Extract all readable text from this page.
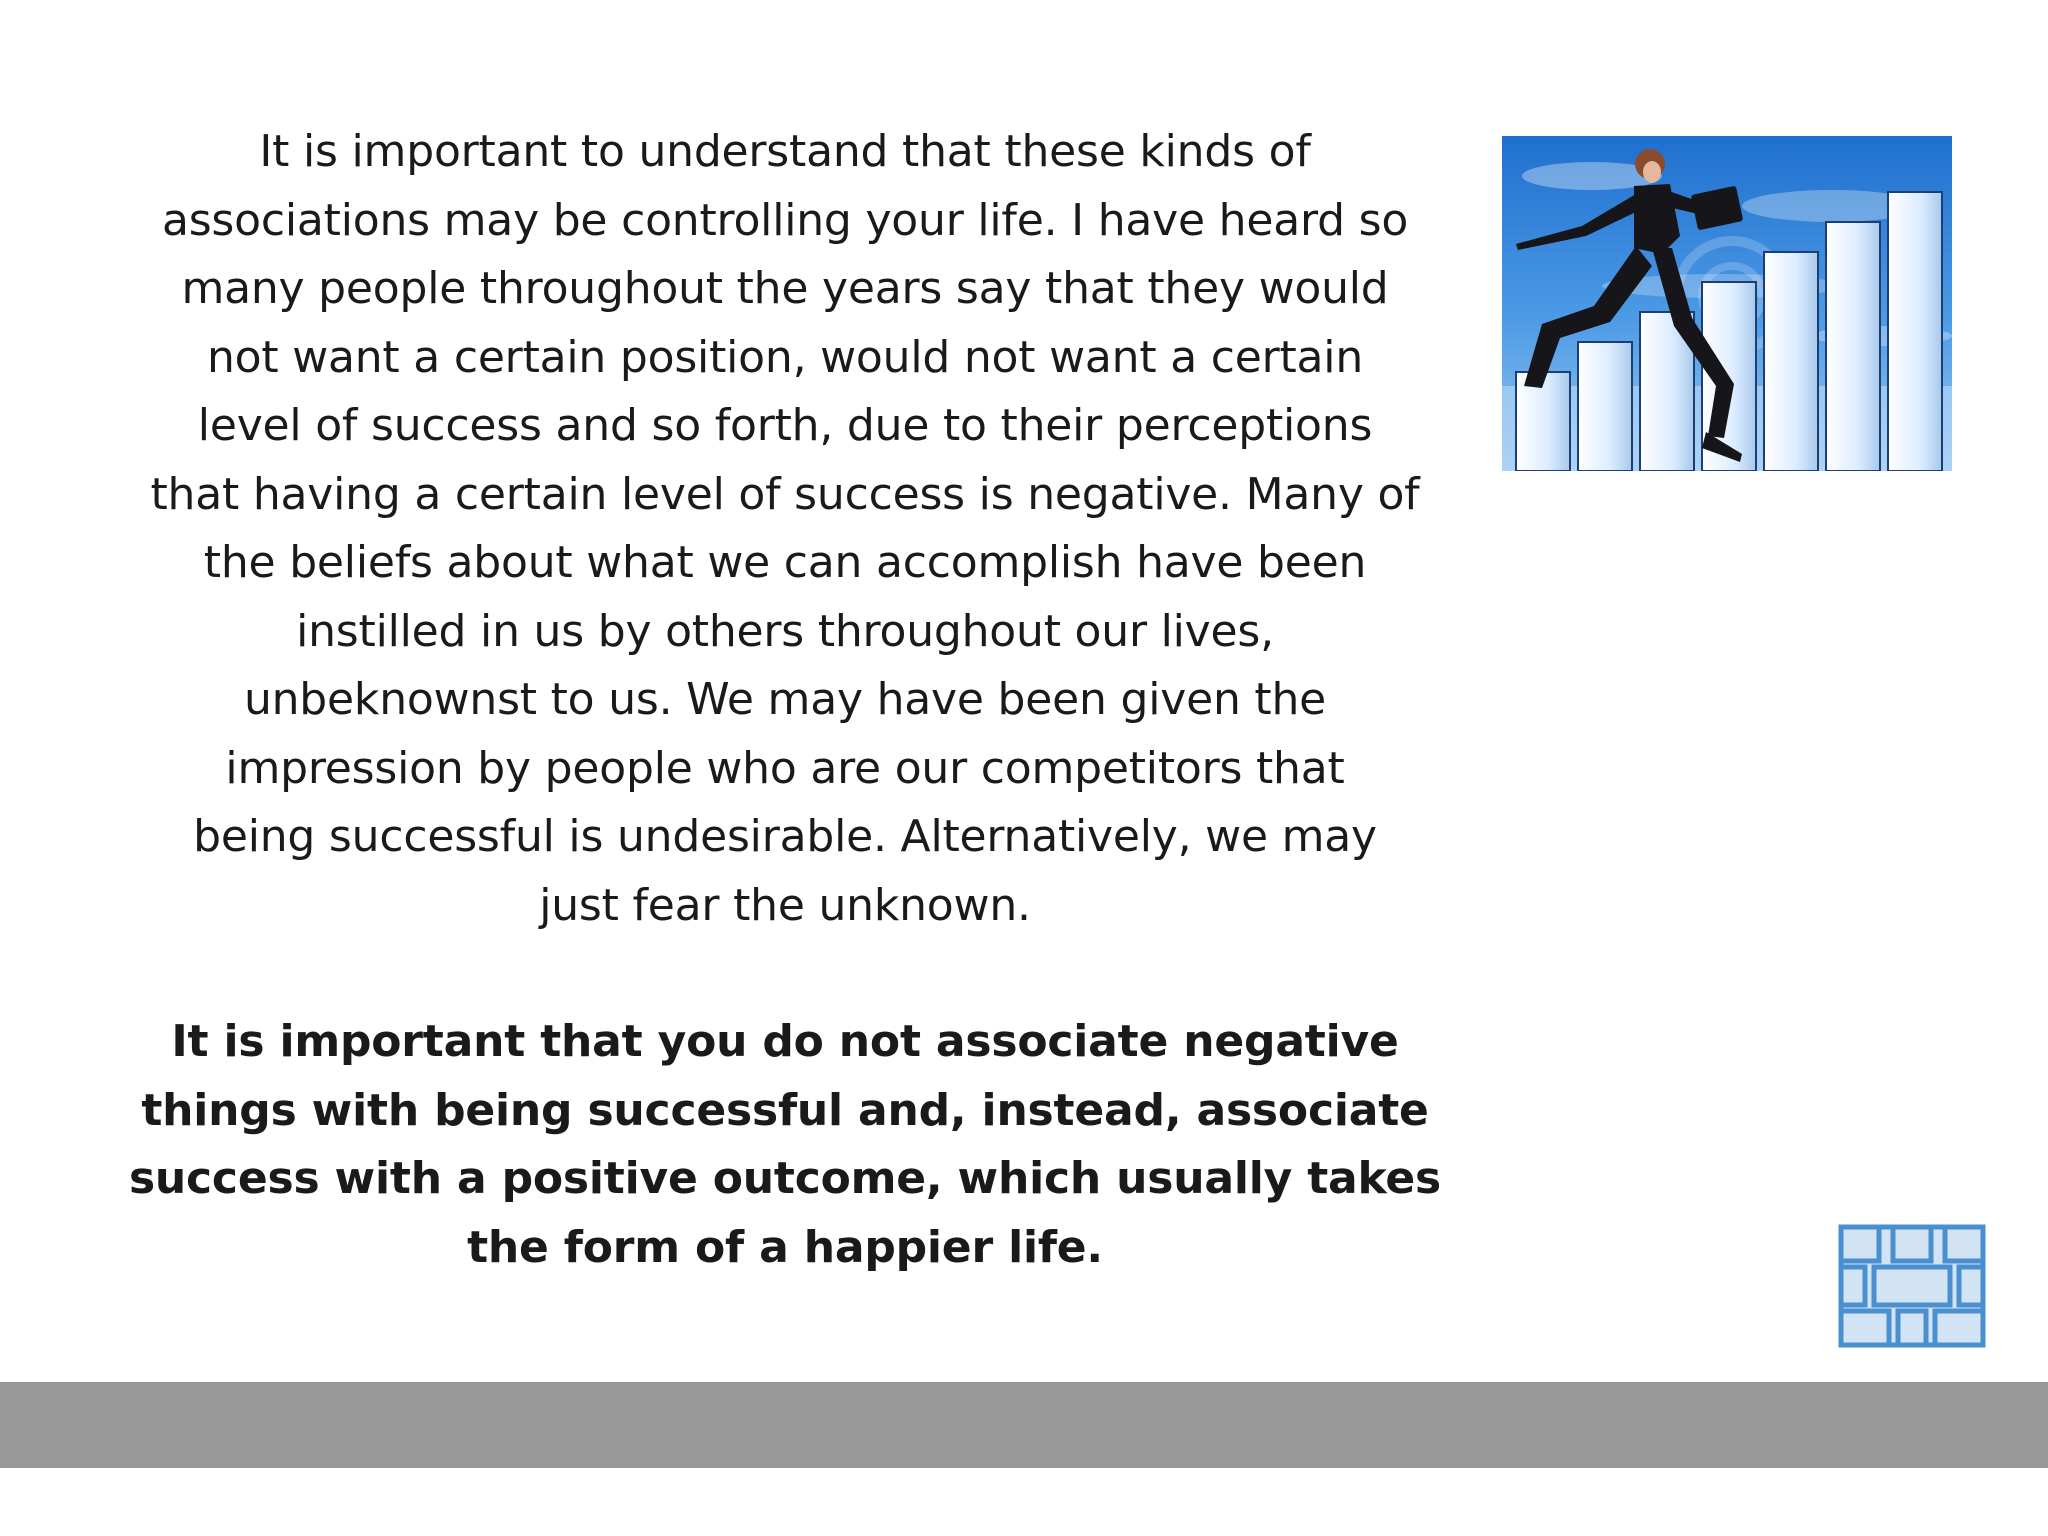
It is important to understand that these kinds of
associations may be controlling your life. I have heard so
many people throughout the years say that they would
not want a certain position, would not want a certain
level of success and so forth, due to their perceptions
that having a certain level of success is negative. Many of
the beliefs about what we can accomplish have been
instilled in us by others throughout our lives,
unbeknownst to us. We may have been given the
impression by people who are our competitors that
being successful is undesirable. Alternatively, we may
just fear the unknown.

It is important that you do not associate negative
things with being successful and, instead, associate
success with a positive outcome, which usually takes
the form of a happier life.
